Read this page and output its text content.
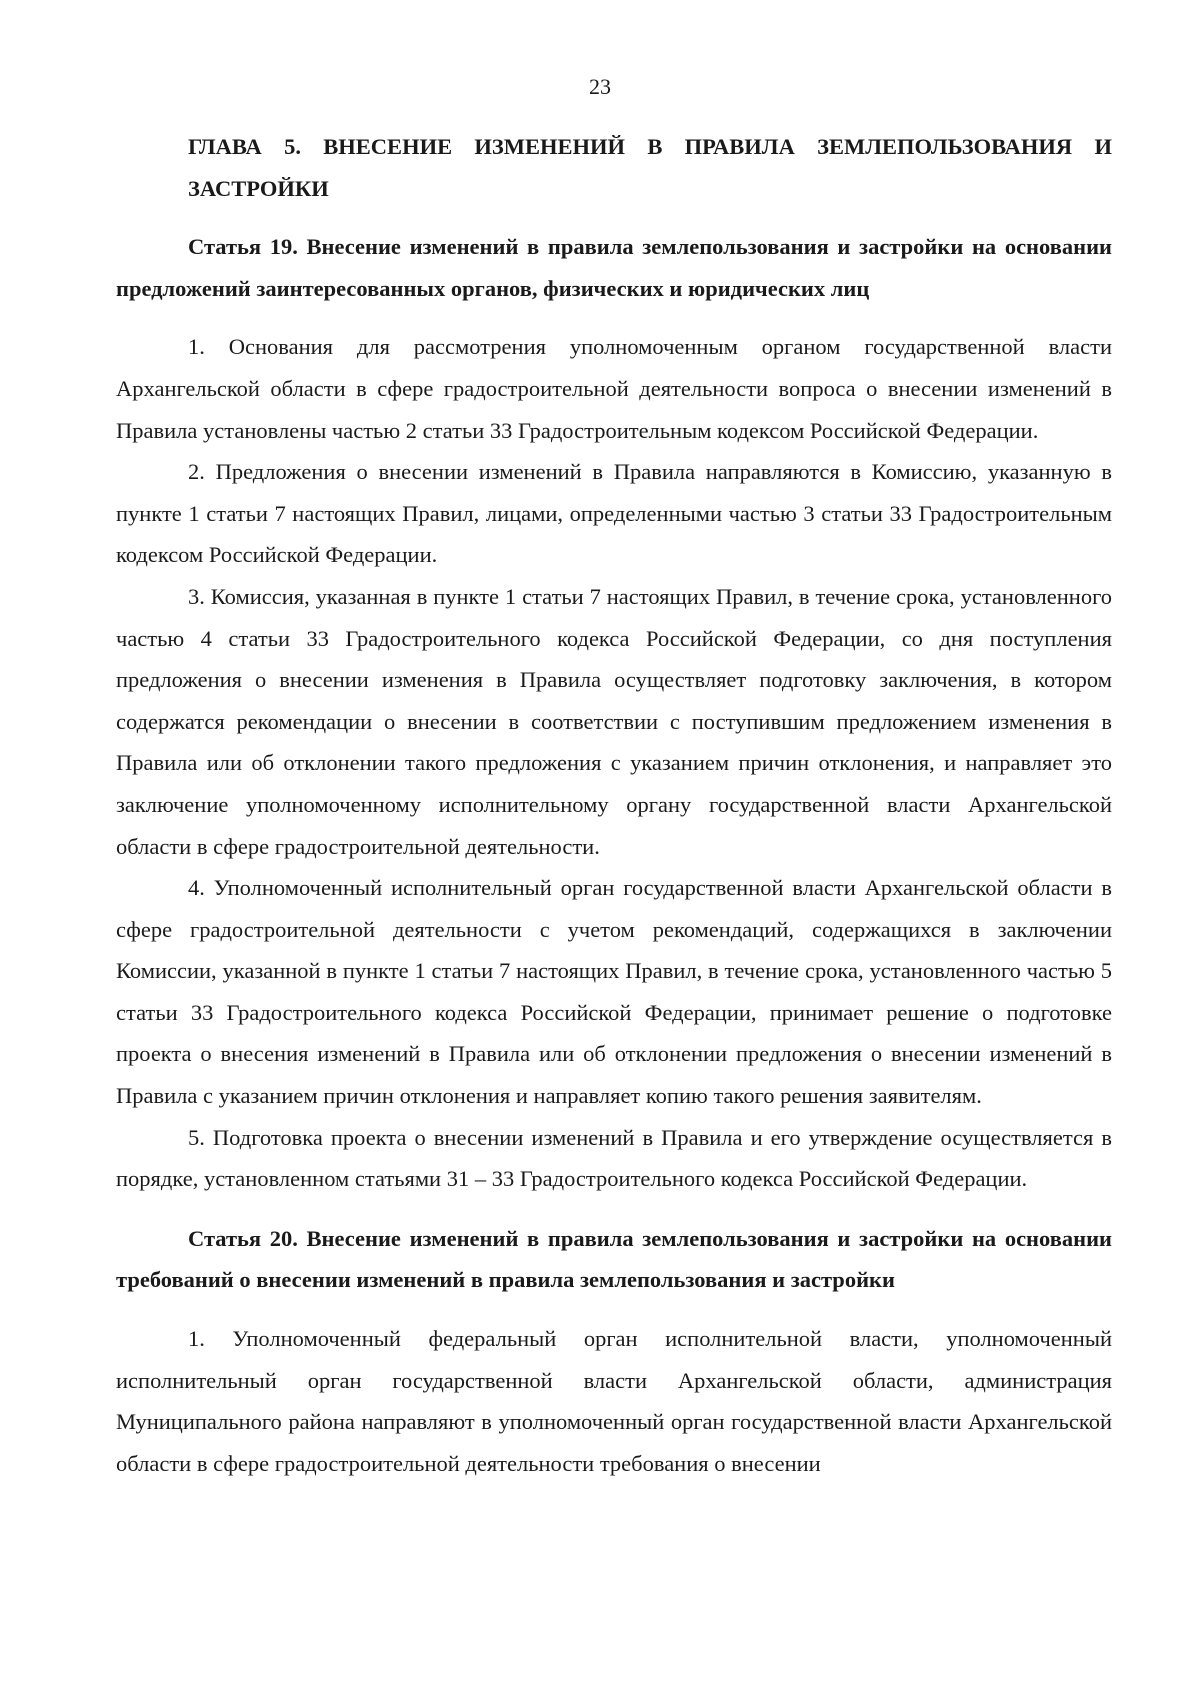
23
ГЛАВА 5. ВНЕСЕНИЕ ИЗМЕНЕНИЙ В ПРАВИЛА ЗЕМЛЕПОЛЬЗОВАНИЯ И ЗАСТРОЙКИ
Статья 19. Внесение изменений в правила землепользования и застройки на основании предложений заинтересованных органов, физических и юридических лиц

1. Основания для рассмотрения уполномоченным органом государственной власти Архангельской области в сфере градостроительной деятельности вопроса о внесении изменений в Правила установлены частью 2 статьи 33 Градостроительным кодексом Российской Федерации.

2. Предложения о внесении изменений в Правила направляются в Комиссию, указанную в пункте 1 статьи 7 настоящих Правил, лицами, определенными частью 3 статьи 33 Градостроительным кодексом Российской Федерации.

3. Комиссия, указанная в пункте 1 статьи 7 настоящих Правил, в течение срока, установленного частью 4 статьи 33 Градостроительного кодекса Российской Федерации, со дня поступления предложения о внесении изменения в Правила осуществляет подготовку заключения, в котором содержатся рекомендации о внесении в соответствии с поступившим предложением изменения в Правила или об отклонении такого предложения с указанием причин отклонения, и направляет это заключение уполномоченному исполнительному органу государственной власти Архангельской области в сфере градостроительной деятельности.

4. Уполномоченный исполнительный орган государственной власти Архангельской области в сфере градостроительной деятельности с учетом рекомендаций, содержащихся в заключении Комиссии, указанной в пункте 1 статьи 7 настоящих Правил, в течение срока, установленного частью 5 статьи 33 Градостроительного кодекса Российской Федерации, принимает решение о подготовке проекта о внесения изменений в Правила или об отклонении предложения о внесении изменений в Правила с указанием причин отклонения и направляет копию такого решения заявителям.

5. Подготовка проекта о внесении изменений в Правила и его утверждение осуществляется в порядке, установленном статьями 31 – 33 Градостроительного кодекса Российской Федерации.

Статья 20. Внесение изменений в правила землепользования и застройки на основании требований о внесении изменений в правила землепользования и застройки

1. Уполномоченный федеральный орган исполнительной власти, уполномоченный исполнительный орган государственной власти Архангельской области, администрация Муниципального района направляют в уполномоченный орган государственной власти Архангельской области в сфере градостроительной деятельности требования о внесении
